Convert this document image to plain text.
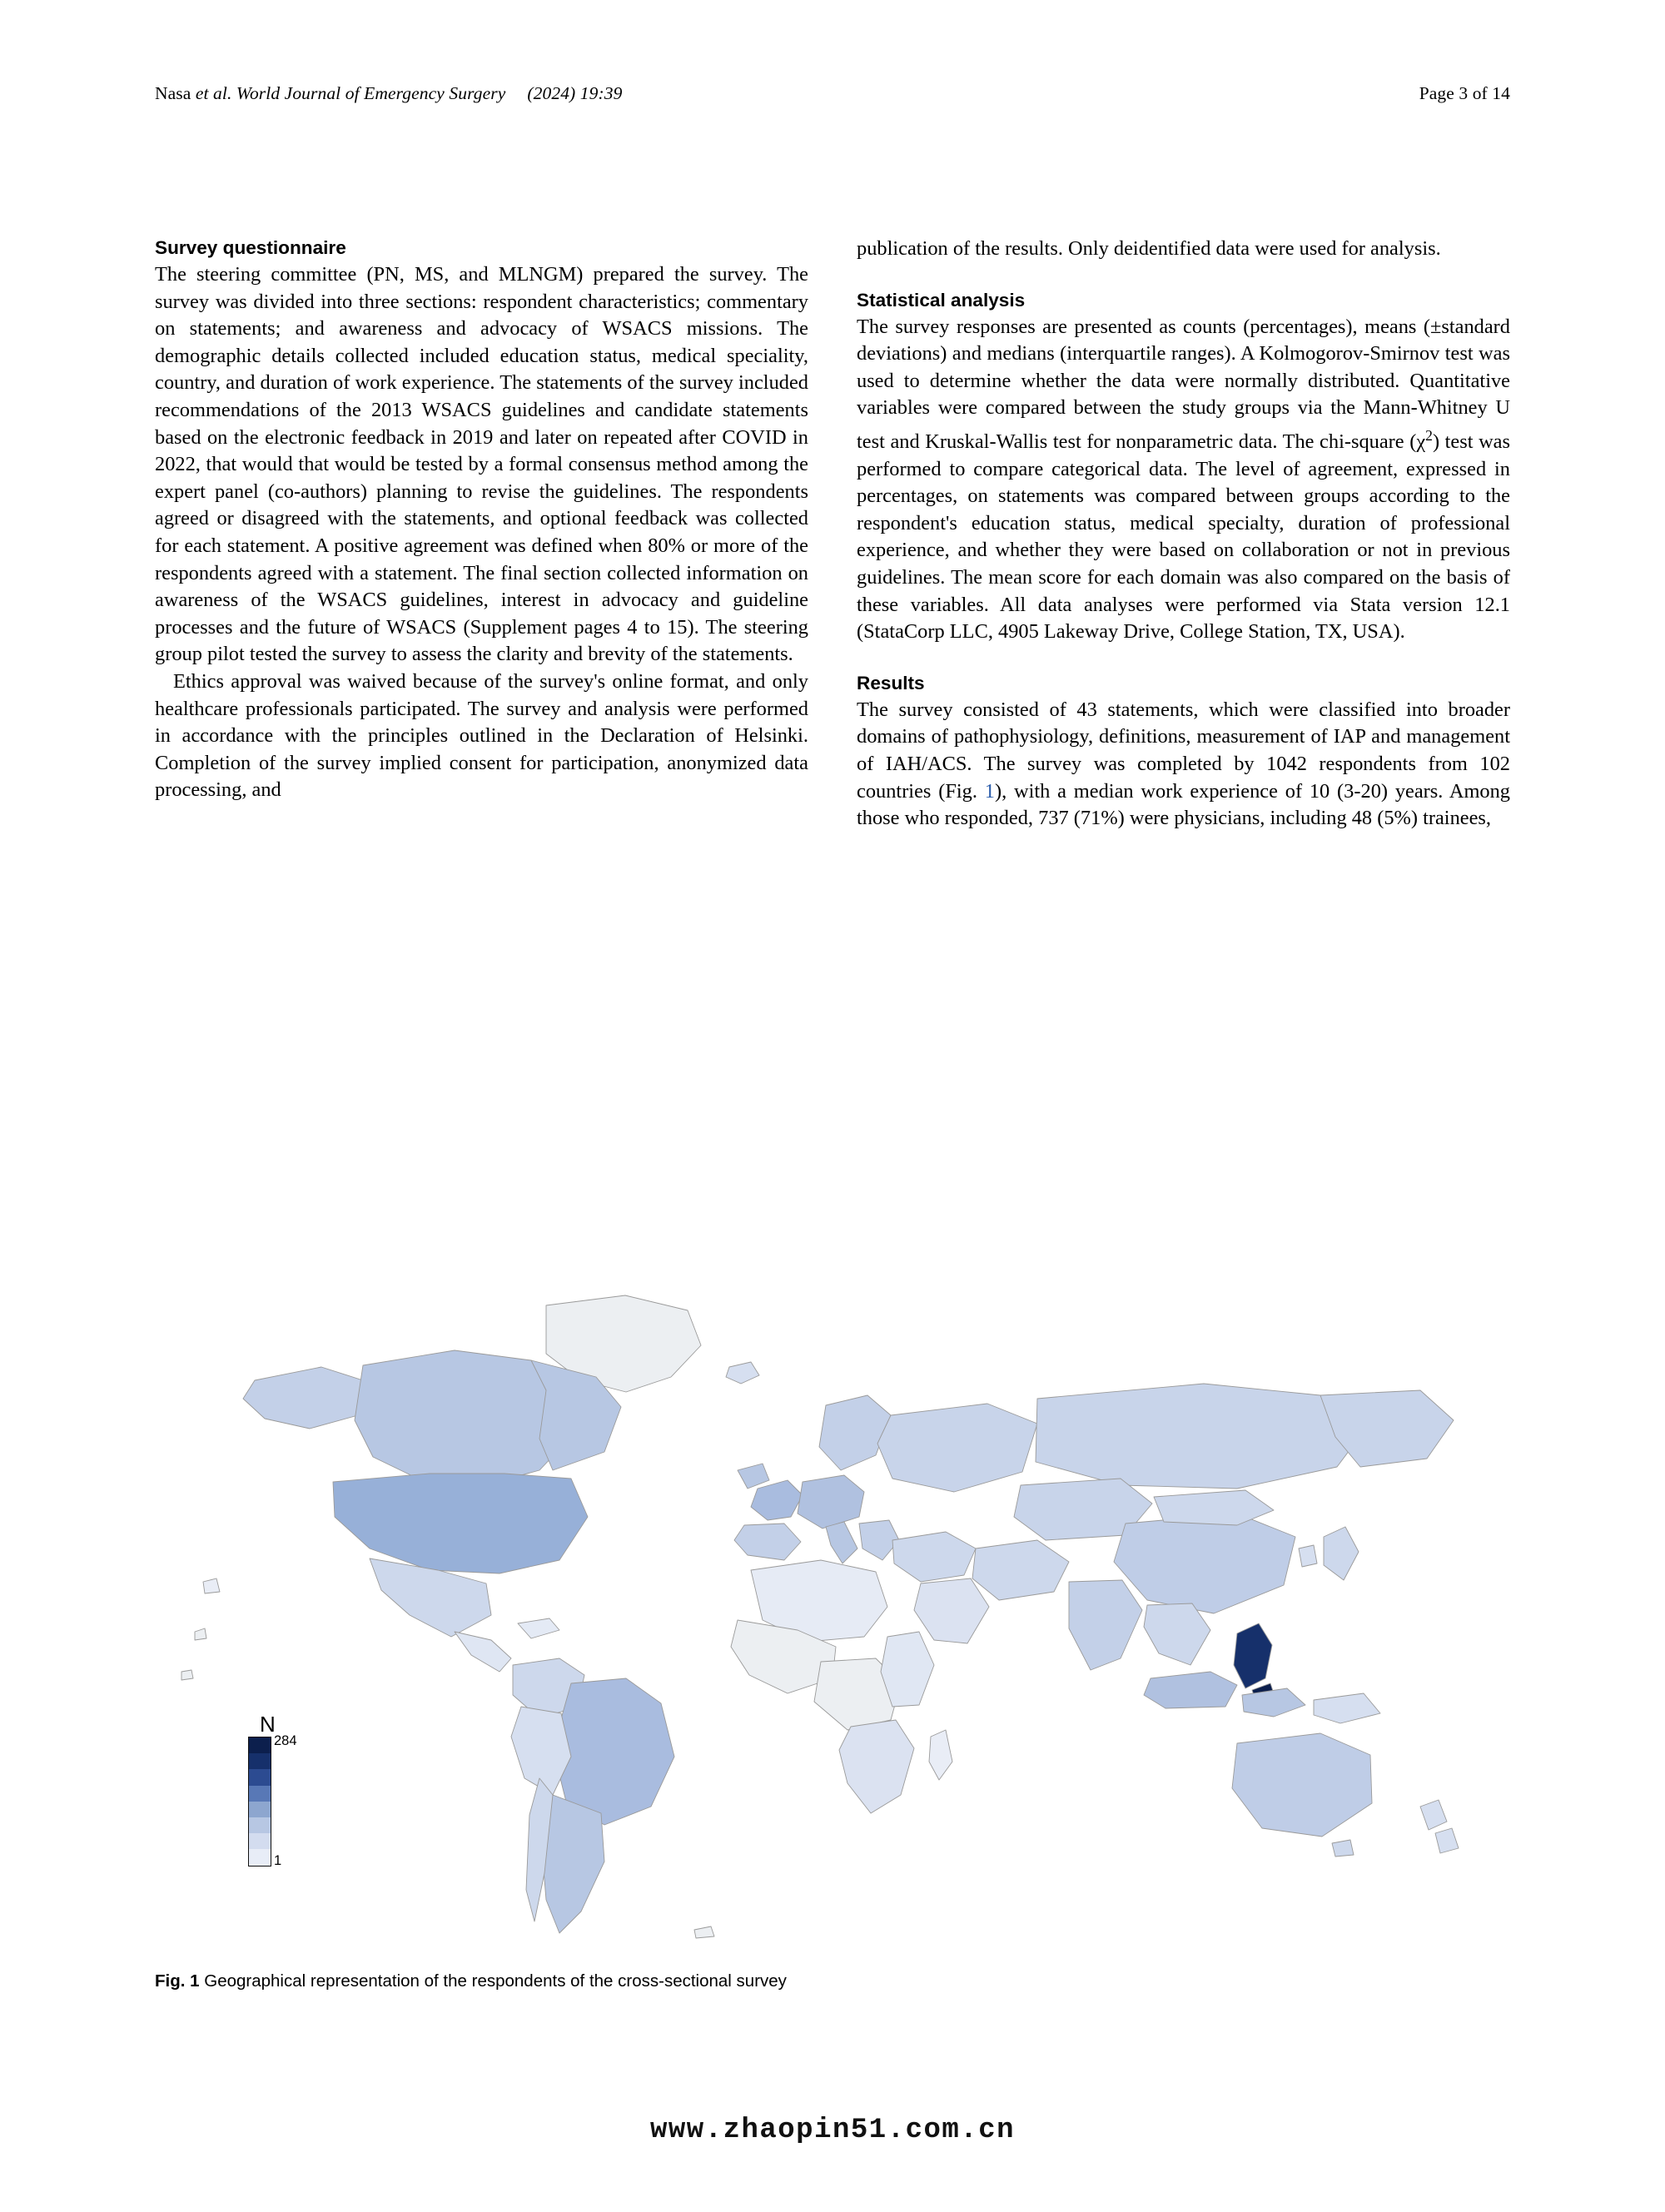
Nasa et al. World Journal of Emergency Surgery (2024) 19:39	Page 3 of 14
Survey questionnaire

The steering committee (PN, MS, and MLNGM) prepared the survey. The survey was divided into three sections: respondent characteristics; commentary on statements; and awareness and advocacy of WSACS missions. The demographic details collected included education status, medical speciality, country, and duration of work experience. The statements of the survey included recommendations of the 2013 WSACS guidelines and candidate statements based on the electronic feedback in 2019 and later on repeated after COVID in 2022, that would that would be tested by a formal consensus method among the expert panel (co-authors) planning to revise the guidelines. The respondents agreed or disagreed with the statements, and optional feedback was collected for each statement. A positive agreement was defined when 80% or more of the respondents agreed with a statement. The final section collected information on awareness of the WSACS guidelines, interest in advocacy and guideline processes and the future of WSACS (Supplement pages 4 to 15). The steering group pilot tested the survey to assess the clarity and brevity of the statements.

Ethics approval was waived because of the survey's online format, and only healthcare professionals participated. The survey and analysis were performed in accordance with the principles outlined in the Declaration of Helsinki. Completion of the survey implied consent for participation, anonymized data processing, and

publication of the results. Only deidentified data were used for analysis.

Statistical analysis

The survey responses are presented as counts (percentages), means (±standard deviations) and medians (interquartile ranges). A Kolmogorov-Smirnov test was used to determine whether the data were normally distributed. Quantitative variables were compared between the study groups via the Mann-Whitney U test and Kruskal-Wallis test for nonparametric data. The chi-square $(\chi^2)$ test was performed to compare categorical data. The level of agreement, expressed in percentages, on statements was compared between groups according to the respondent's education status, medical specialty, duration of professional experience, and whether they were based on collaboration or not in previous guidelines. The mean score for each domain was also compared on the basis of these variables. All data analyses were performed via Stata version 12.1 (StataCorp LLC, 4905 Lakeway Drive, College Station, TX, USA).

Results

The survey consisted of 43 statements, which were classified into broader domains of pathophysiology, definitions, measurement of IAP and management of IAH/ACS. The survey was completed by 1042 respondents from 102 countries (Fig. 1), with a median work experience of 10 (3-20) years. Among those who responded, 737 (71%) were physicians, including 48 (5%) trainees,

N
284
1
Fig. 1 Geographical representation of the respondents of the cross-sectional survey
www.zhaopin51.com.cn
